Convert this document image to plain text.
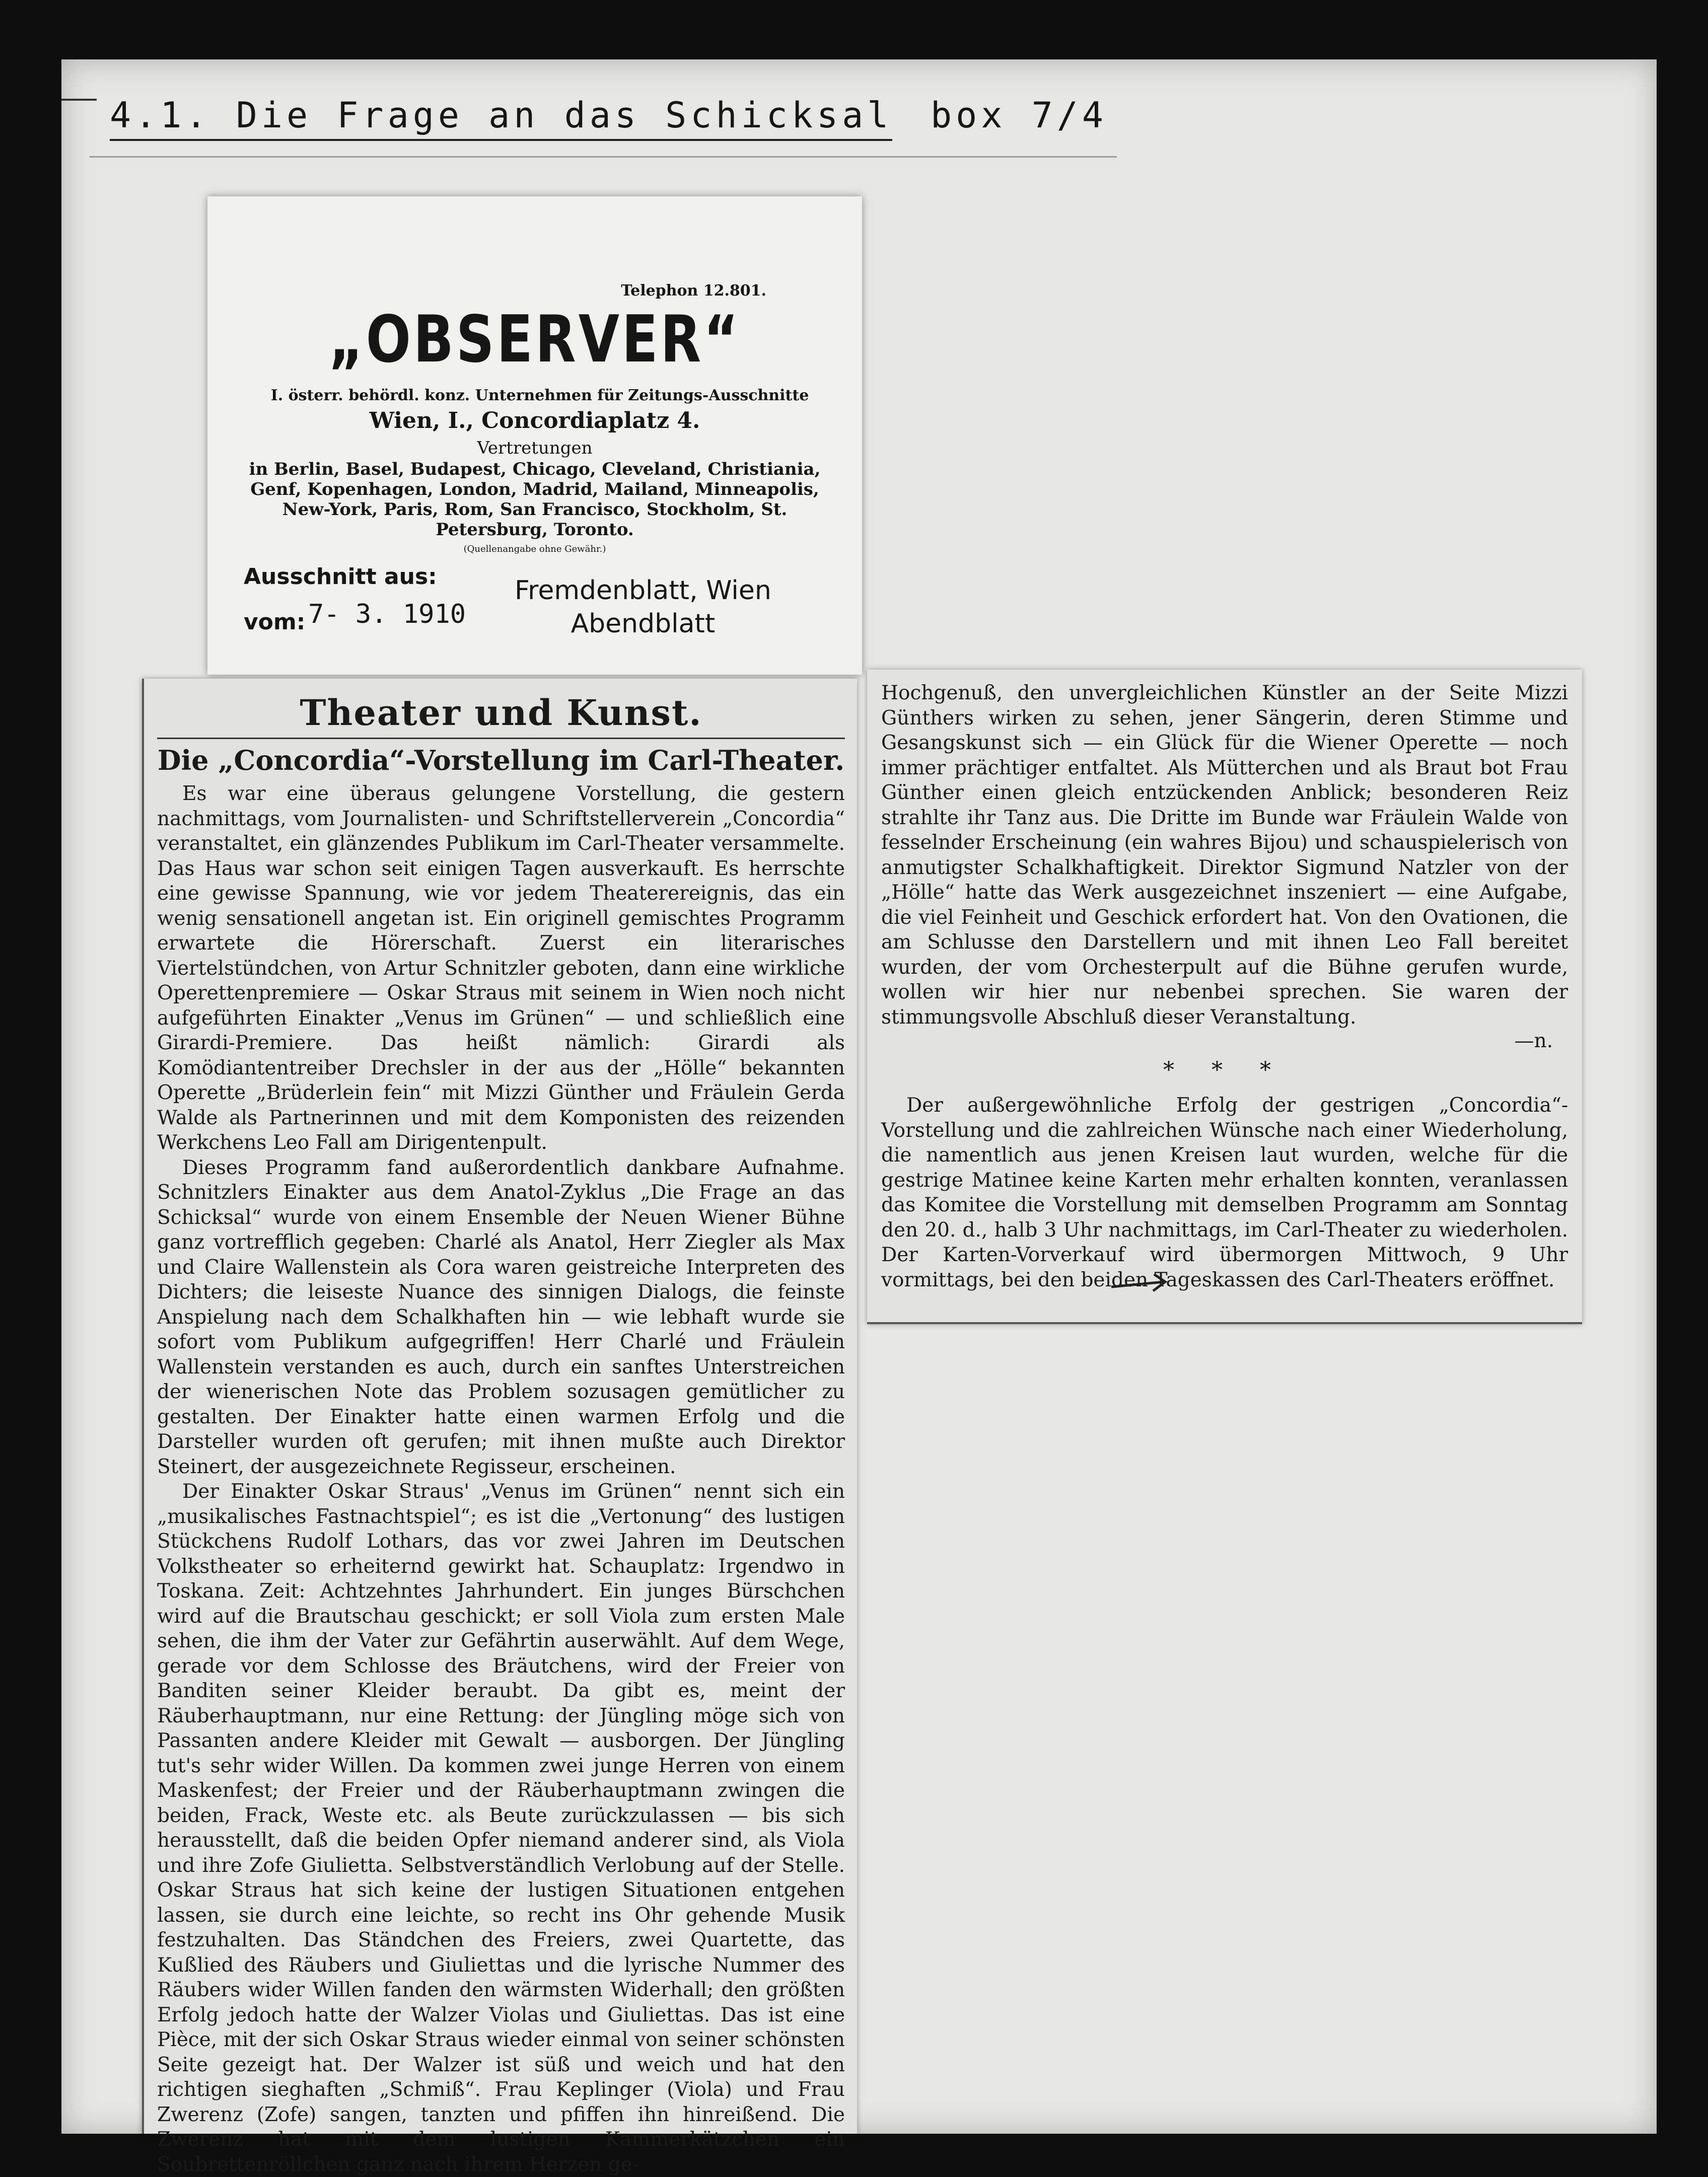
4.1. Die Frage an das Schicksal box 7/4
Telephon 12.801.
„OBSERVER“
I. österr. behördl. konz. Unternehmen für Zeitungs-Ausschnitte
Wien, I., Concordiaplatz 4.
Vertretungen
in Berlin, Basel, Budapest, Chicago, Cleveland, Christiania, Genf, Kopenhagen, London, Madrid, Mailand, Minneapolis, New-York, Paris, Rom, San Francisco, Stockholm, St. Petersburg, Toronto.
(Quellenangabe ohne Gewähr.)
Ausschnitt aus:
vom: 7- 3. 1910
Fremdenblatt, Wien
Abendblatt
Theater und Kunst.
Die „Concordia“-Vorstellung im Carl-Theater.

Es war eine überaus gelungene Vorstellung, die gestern nachmittags, vom Journalisten- und Schriftstellerverein „Concordia“ veranstaltet, ein glänzendes Publikum im Carl-Theater versammelte. Das Haus war schon seit einigen Tagen ausverkauft. Es herrschte eine gewisse Spannung, wie vor jedem Theaterereignis, das ein wenig sensationell angetan ist. Ein originell gemischtes Programm erwartete die Hörerschaft. Zuerst ein literarisches Viertelstündchen, von Artur Schnitzler geboten, dann eine wirkliche Operettenpremiere — Oskar Straus mit seinem in Wien noch nicht aufgeführten Einakter „Venus im Grünen“ — und schließlich eine Girardi-Premiere. Das heißt nämlich: Girardi als Komödiantentreiber Drechsler in der aus der „Hölle“ bekannten Operette „Brüderlein fein“ mit Mizzi Günther und Fräulein Gerda Walde als Partnerinnen und mit dem Komponisten des reizenden Werkchens Leo Fall am Dirigentenpult.

Dieses Programm fand außerordentlich dankbare Aufnahme. Schnitzlers Einakter aus dem Anatol-Zyklus „Die Frage an das Schicksal“ wurde von einem Ensemble der Neuen Wiener Bühne ganz vortrefflich gegeben: Charlé als Anatol, Herr Ziegler als Max und Claire Wallenstein als Cora waren geistreiche Interpreten des Dichters; die leiseste Nuance des sinnigen Dialogs, die feinste Anspielung nach dem Schalkhaften hin — wie lebhaft wurde sie sofort vom Publikum aufgegriffen! Herr Charlé und Fräulein Wallenstein verstanden es auch, durch ein sanftes Unterstreichen der wienerischen Note das Problem sozusagen gemütlicher zu gestalten. Der Einakter hatte einen warmen Erfolg und die Darsteller wurden oft gerufen; mit ihnen mußte auch Direktor Steinert, der ausgezeichnete Regisseur, erscheinen.

Der Einakter Oskar Straus' „Venus im Grünen“ nennt sich ein „musikalisches Fastnachtspiel“; es ist die „Vertonung“ des lustigen Stückchens Rudolf Lothars, das vor zwei Jahren im Deutschen Volkstheater so erheiternd gewirkt hat. Schauplatz: Irgendwo in Toskana. Zeit: Achtzehntes Jahrhundert. Ein junges Bürschchen wird auf die Brautschau geschickt; er soll Viola zum ersten Male sehen, die ihm der Vater zur Gefährtin auserwählt. Auf dem Wege, gerade vor dem Schlosse des Bräutchens, wird der Freier von Banditen seiner Kleider beraubt. Da gibt es, meint der Räuberhauptmann, nur eine Rettung: der Jüngling möge sich von Passanten andere Kleider mit Gewalt — ausborgen. Der Jüngling tut's sehr wider Willen. Da kommen zwei junge Herren von einem Maskenfest; der Freier und der Räuberhauptmann zwingen die beiden, Frack, Weste etc. als Beute zurückzulassen — bis sich herausstellt, daß die beiden Opfer niemand anderer sind, als Viola und ihre Zofe Giulietta. Selbstverständlich Verlobung auf der Stelle. Oskar Straus hat sich keine der lustigen Situationen entgehen lassen, sie durch eine leichte, so recht ins Ohr gehende Musik festzuhalten. Das Ständchen des Freiers, zwei Quartette, das Kußlied des Räubers und Giuliettas und die lyrische Nummer des Räubers wider Willen fanden den wärmsten Widerhall; den größten Erfolg jedoch hatte der Walzer Violas und Giuliettas. Das ist eine Pièce, mit der sich Oskar Straus wieder einmal von seiner schönsten Seite gezeigt hat. Der Walzer ist süß und weich und hat den richtigen sieghaften „Schmiß“. Frau Keplinger (Viola) und Frau Zwerenz (Zofe) sangen, tanzten und pfiffen ihn hinreißend. Die Zwerenz hat mit dem lustigen Kammerkätzchen ein Soubrettenröllchen ganz nach ihrem Herzen ge-

Hochgenuß, den unvergleichlichen Künstler an der Seite Mizzi Günthers wirken zu sehen, jener Sängerin, deren Stimme und Gesangskunst sich — ein Glück für die Wiener Operette — noch immer prächtiger entfaltet. Als Mütterchen und als Braut bot Frau Günther einen gleich entzückenden Anblick; besonderen Reiz strahlte ihr Tanz aus. Die Dritte im Bunde war Fräulein Walde von fesselnder Erscheinung (ein wahres Bijou) und schauspielerisch von anmutigster Schalkhaftigkeit. Direktor Sigmund Natzler von der „Hölle“ hatte das Werk ausgezeichnet inszeniert — eine Aufgabe, die viel Feinheit und Geschick erfordert hat. Von den Ovationen, die am Schlusse den Darstellern und mit ihnen Leo Fall bereitet wurden, der vom Orchesterpult auf die Bühne gerufen wurde, wollen wir hier nur nebenbei sprechen. Sie waren der stimmungsvolle Abschluß dieser Veranstaltung.

—n.

* * *

Der außergewöhnliche Erfolg der gestrigen „Concordia“-Vorstellung und die zahlreichen Wünsche nach einer Wiederholung, die namentlich aus jenen Kreisen laut wurden, welche für die gestrige Matinee keine Karten mehr erhalten konnten, veranlassen das Komitee die Vorstellung mit demselben Programm am Sonntag den 20. d., halb 3 Uhr nachmittags, im Carl-Theater zu wiederholen. Der Karten-Vorverkauf wird übermorgen Mittwoch, 9 Uhr vormittags, bei den beiden Tageskassen des Carl-Theaters eröffnet.
